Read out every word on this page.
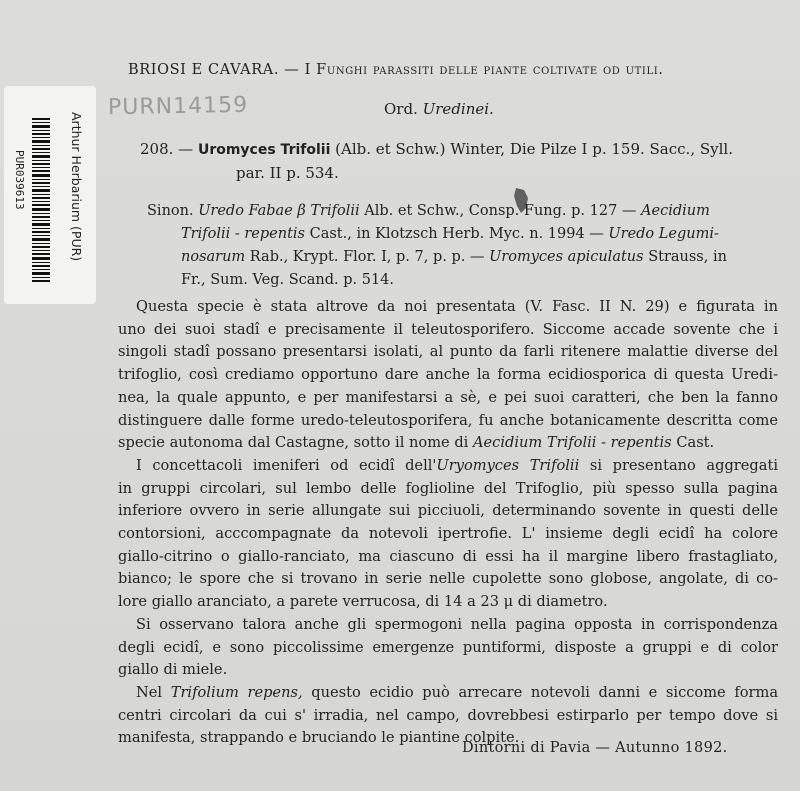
Arthur Herbarium (PUR)
PUR039613
BRIOSI E CAVARA. — I Funghi parassiti delle piante coltivate od utili.
PURN14159	Ord. Uredinei.
208. — Uromyces Trifolii (Alb. et Schw.) Winter, Die Pilze I p. 159. Sacc., Syll.
par. II p. 534.
Sinon. Uredo Fabae β Trifolii Alb. et Schw., Consp. Fung. p. 127 — Aecidium
Trifolii - repentis Cast., in Klotzsch Herb. Myc. n. 1994 — Uredo Legumi-
nosarum Rab., Krypt. Flor. I, p. 7, p. p. — Uromyces apiculatus Strauss, in
Fr., Sum. Veg. Scand. p. 514.
Questa specie è stata altrove da noi presentata (V. Fasc. II N. 29) e figurata in
uno dei suoi stadî e precisamente il teleutosporifero. Siccome accade sovente che i
singoli stadî possano presentarsi isolati, al punto da farli ritenere malattie diverse del
trifoglio, così crediamo opportuno dare anche la forma ecidiosporica di questa Uredi-
nea, la quale appunto, e per manifestarsi a sè, e pei suoi caratteri, che ben la fanno
distinguere dalle forme uredo-teleutosporifera, fu anche botanicamente descritta come
specie autonoma dal Castagne, sotto il nome di Aecidium Trifolii - repentis Cast.
I concettacoli imeniferi od ecidî dell'Uryomyces Trifolii si presentano aggregati
in gruppi circolari, sul lembo delle foglioline del Trifoglio, più spesso sulla pagina
inferiore ovvero in serie allungate sui picciuoli, determinando sovente in questi delle
contorsioni, acccompagnate da notevoli ipertrofie. L' insieme degli ecidî ha colore
giallo-citrino o giallo-ranciato, ma ciascuno di essi ha il margine libero frastagliato,
bianco; le spore che si trovano in serie nelle cupolette sono globose, angolate, di co-
lore giallo aranciato, a parete verrucosa, di 14 a 23 μ di diametro.
Si osservano talora anche gli spermogoni nella pagina opposta in corrispondenza
degli ecidî, e sono piccolissime emergenze puntiformi, disposte a gruppi e di color
giallo di miele.
Nel Trifolium repens, questo ecidio può arrecare notevoli danni e siccome forma
centri circolari da cui s' irradia, nel campo, dovrebbesi estirparlo per tempo dove si
manifesta, strappando e bruciando le piantine colpite.
Dintorni di Pavia — Autunno 1892.
